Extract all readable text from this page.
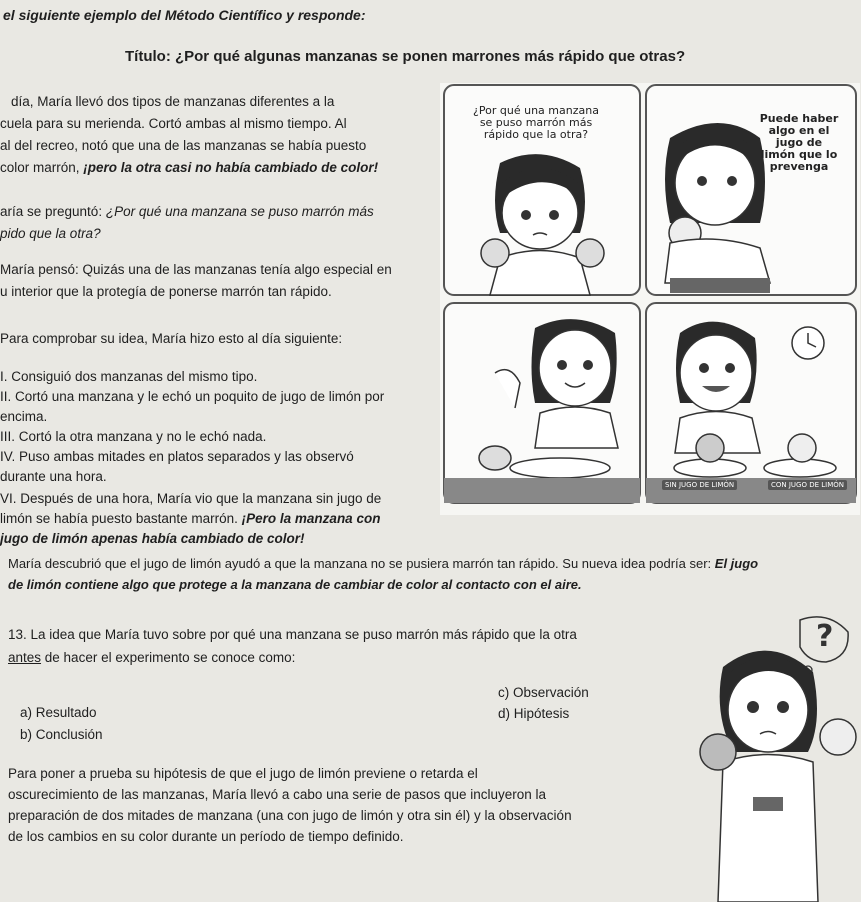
el siguiente ejemplo del Método Científico y responde:
Título: ¿Por qué algunas manzanas se ponen marrones más rápido que otras?
día, María llevó dos tipos de manzanas diferentes a la
cuela para su merienda. Cortó ambas al mismo tiempo. Al
al del recreo, notó que una de las manzanas se había puesto
color marrón, ¡pero la otra casi no había cambiado de color!
aría se preguntó: ¿Por qué una manzana se puso marrón más
pido que la otra?
María pensó: Quizás una de las manzanas tenía algo especial en
u interior que la protegía de ponerse marrón tan rápido.
Para comprobar su idea, María hizo esto al día siguiente:
I. Consiguió dos manzanas del mismo tipo.
II. Cortó una manzana y le echó un poquito de jugo de limón por
encima.
III. Cortó la otra manzana y no le echó nada.
IV. Puso ambas mitades en platos separados y las observó
durante una hora.
VI. Después de una hora, María vio que la manzana sin jugo de
limón se había puesto bastante marrón. ¡Pero la manzana con
jugo de limón apenas había cambiado de color!
¿Por qué una manzana se puso marrón más rápido que la otra?
Puede haber algo en el jugo de limón que lo prevenga
SIN JUGO DE LIMÓN	CON JUGO DE LIMÓN
María descubrió que el jugo de limón ayudó a que la manzana no se pusiera marrón tan rápido. Su nueva idea podría ser: El jugo
de limón contiene algo que protege a la manzana de cambiar de color al contacto con el aire.
13. La idea que María tuvo sobre por qué una manzana se puso marrón más rápido que la otra
antes de hacer el experimento se conoce como:
a) Resultado
b) Conclusión
c) Observación
d) Hipótesis
Para poner a prueba su hipótesis de que el jugo de limón previene o retarda el
oscurecimiento de las manzanas, María llevó a cabo una serie de pasos que incluyeron la
preparación de dos mitades de manzana (una con jugo de limón y otra sin él) y la observación
de los cambios en su color durante un período de tiempo definido.
?
